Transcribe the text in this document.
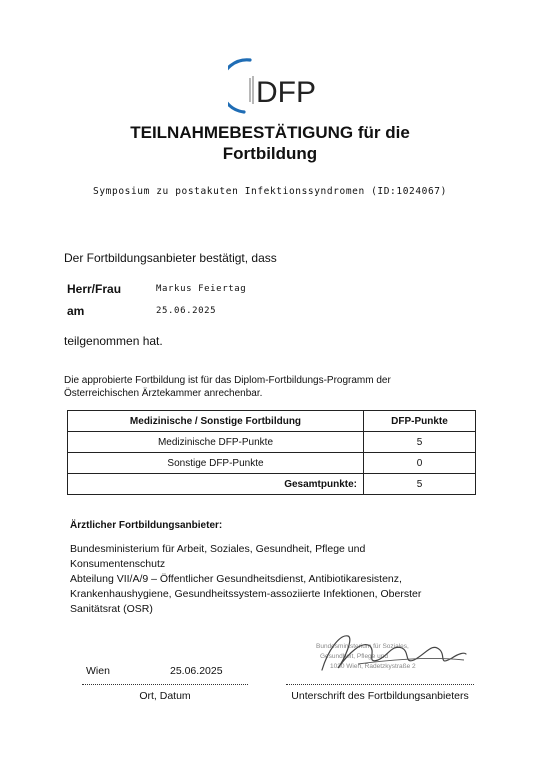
DFP
TEILNAHMEBESTÄTIGUNG für die
Fortbildung
Symposium zu postakuten Infektionssyndromen (ID:1024067)
Der Fortbildungsanbieter bestätigt, dass
Herr/Frau	Markus Feiertag
am	25.06.2025
teilgenommen hat.
Die approbierte Fortbildung ist für das Diplom-Fortbildungs-Programm der Österreichischen Ärztekammer anrechenbar.
Medizinische / Sonstige Fortbildung	DFP-Punkte
Medizinische DFP-Punkte	5
Sonstige DFP-Punkte	0
Gesamtpunkte:	5
Ärztlicher Fortbildungsanbieter:
Bundesministerium für Arbeit, Soziales, Gesundheit, Pflege und Konsumentenschutz
Abteilung VII/A/9 – Öffentlicher Gesundheitsdienst, Antibiotikaresistenz, Krankenhaushygiene, Gesundheitssystem-assoziierte Infektionen, Oberster Sanitätsrat (OSR)
Bundesministerium für Soziales,
Gesundheit, Pflege und
1030 Wien, Radetzkystraße 2
Wien	25.06.2025
Ort, Datum	Unterschrift des Fortbildungsanbieters
